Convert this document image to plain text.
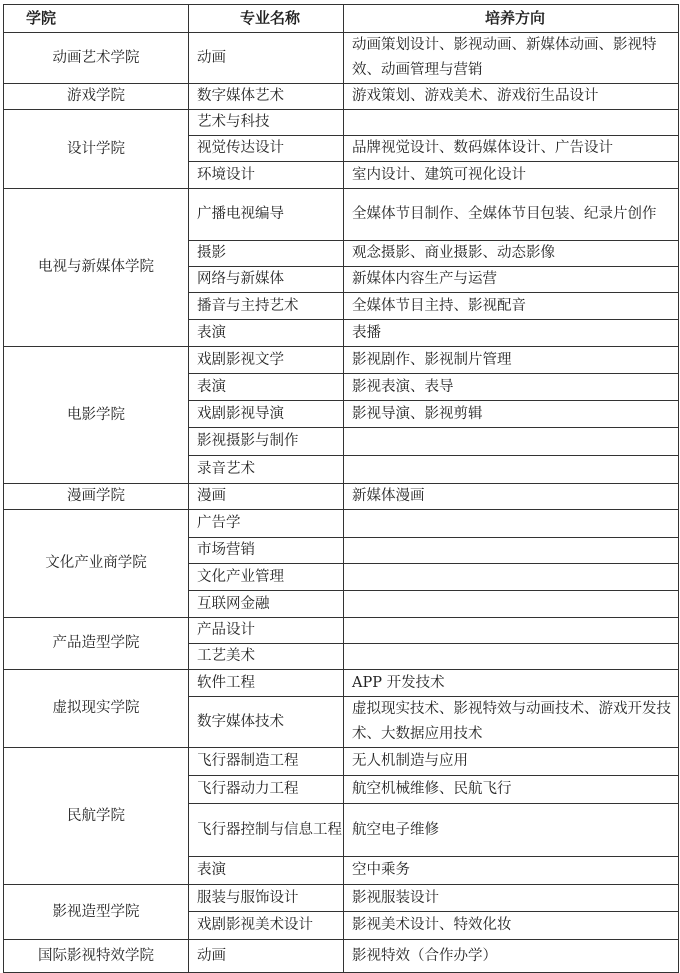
学院	专业名称	培养方向
动画艺术学院	动画	动画策划设计、影视动画、新媒体动画、影视特效、动画管理与营销
游戏学院	数字媒体艺术	游戏策划、游戏美术、游戏衍生品设计
设计学院	艺术与科技	
	视觉传达设计	品牌视觉设计、数码媒体设计、广告设计
	环境设计	室内设计、建筑可视化设计
电视与新媒体学院	广播电视编导	全媒体节目制作、全媒体节目包装、纪录片创作
	摄影	观念摄影、商业摄影、动态影像
	网络与新媒体	新媒体内容生产与运营
	播音与主持艺术	全媒体节目主持、影视配音
	表演	表播
电影学院	戏剧影视文学	影视剧作、影视制片管理
	表演	影视表演、表导
	戏剧影视导演	影视导演、影视剪辑
	影视摄影与制作	
	录音艺术	
漫画学院	漫画	新媒体漫画
文化产业商学院	广告学	
	市场营销	
	文化产业管理	
	互联网金融	
产品造型学院	产品设计	
	工艺美术	
虚拟现实学院	软件工程	APP 开发技术
	数字媒体技术	虚拟现实技术、影视特效与动画技术、游戏开发技术、大数据应用技术
民航学院	飞行器制造工程	无人机制造与应用
	飞行器动力工程	航空机械维修、民航飞行
	飞行器控制与信息工程	航空电子维修
	表演	空中乘务
影视造型学院	服装与服饰设计	影视服装设计
	戏剧影视美术设计	影视美术设计、特效化妆
国际影视特效学院	动画	影视特效（合作办学）
